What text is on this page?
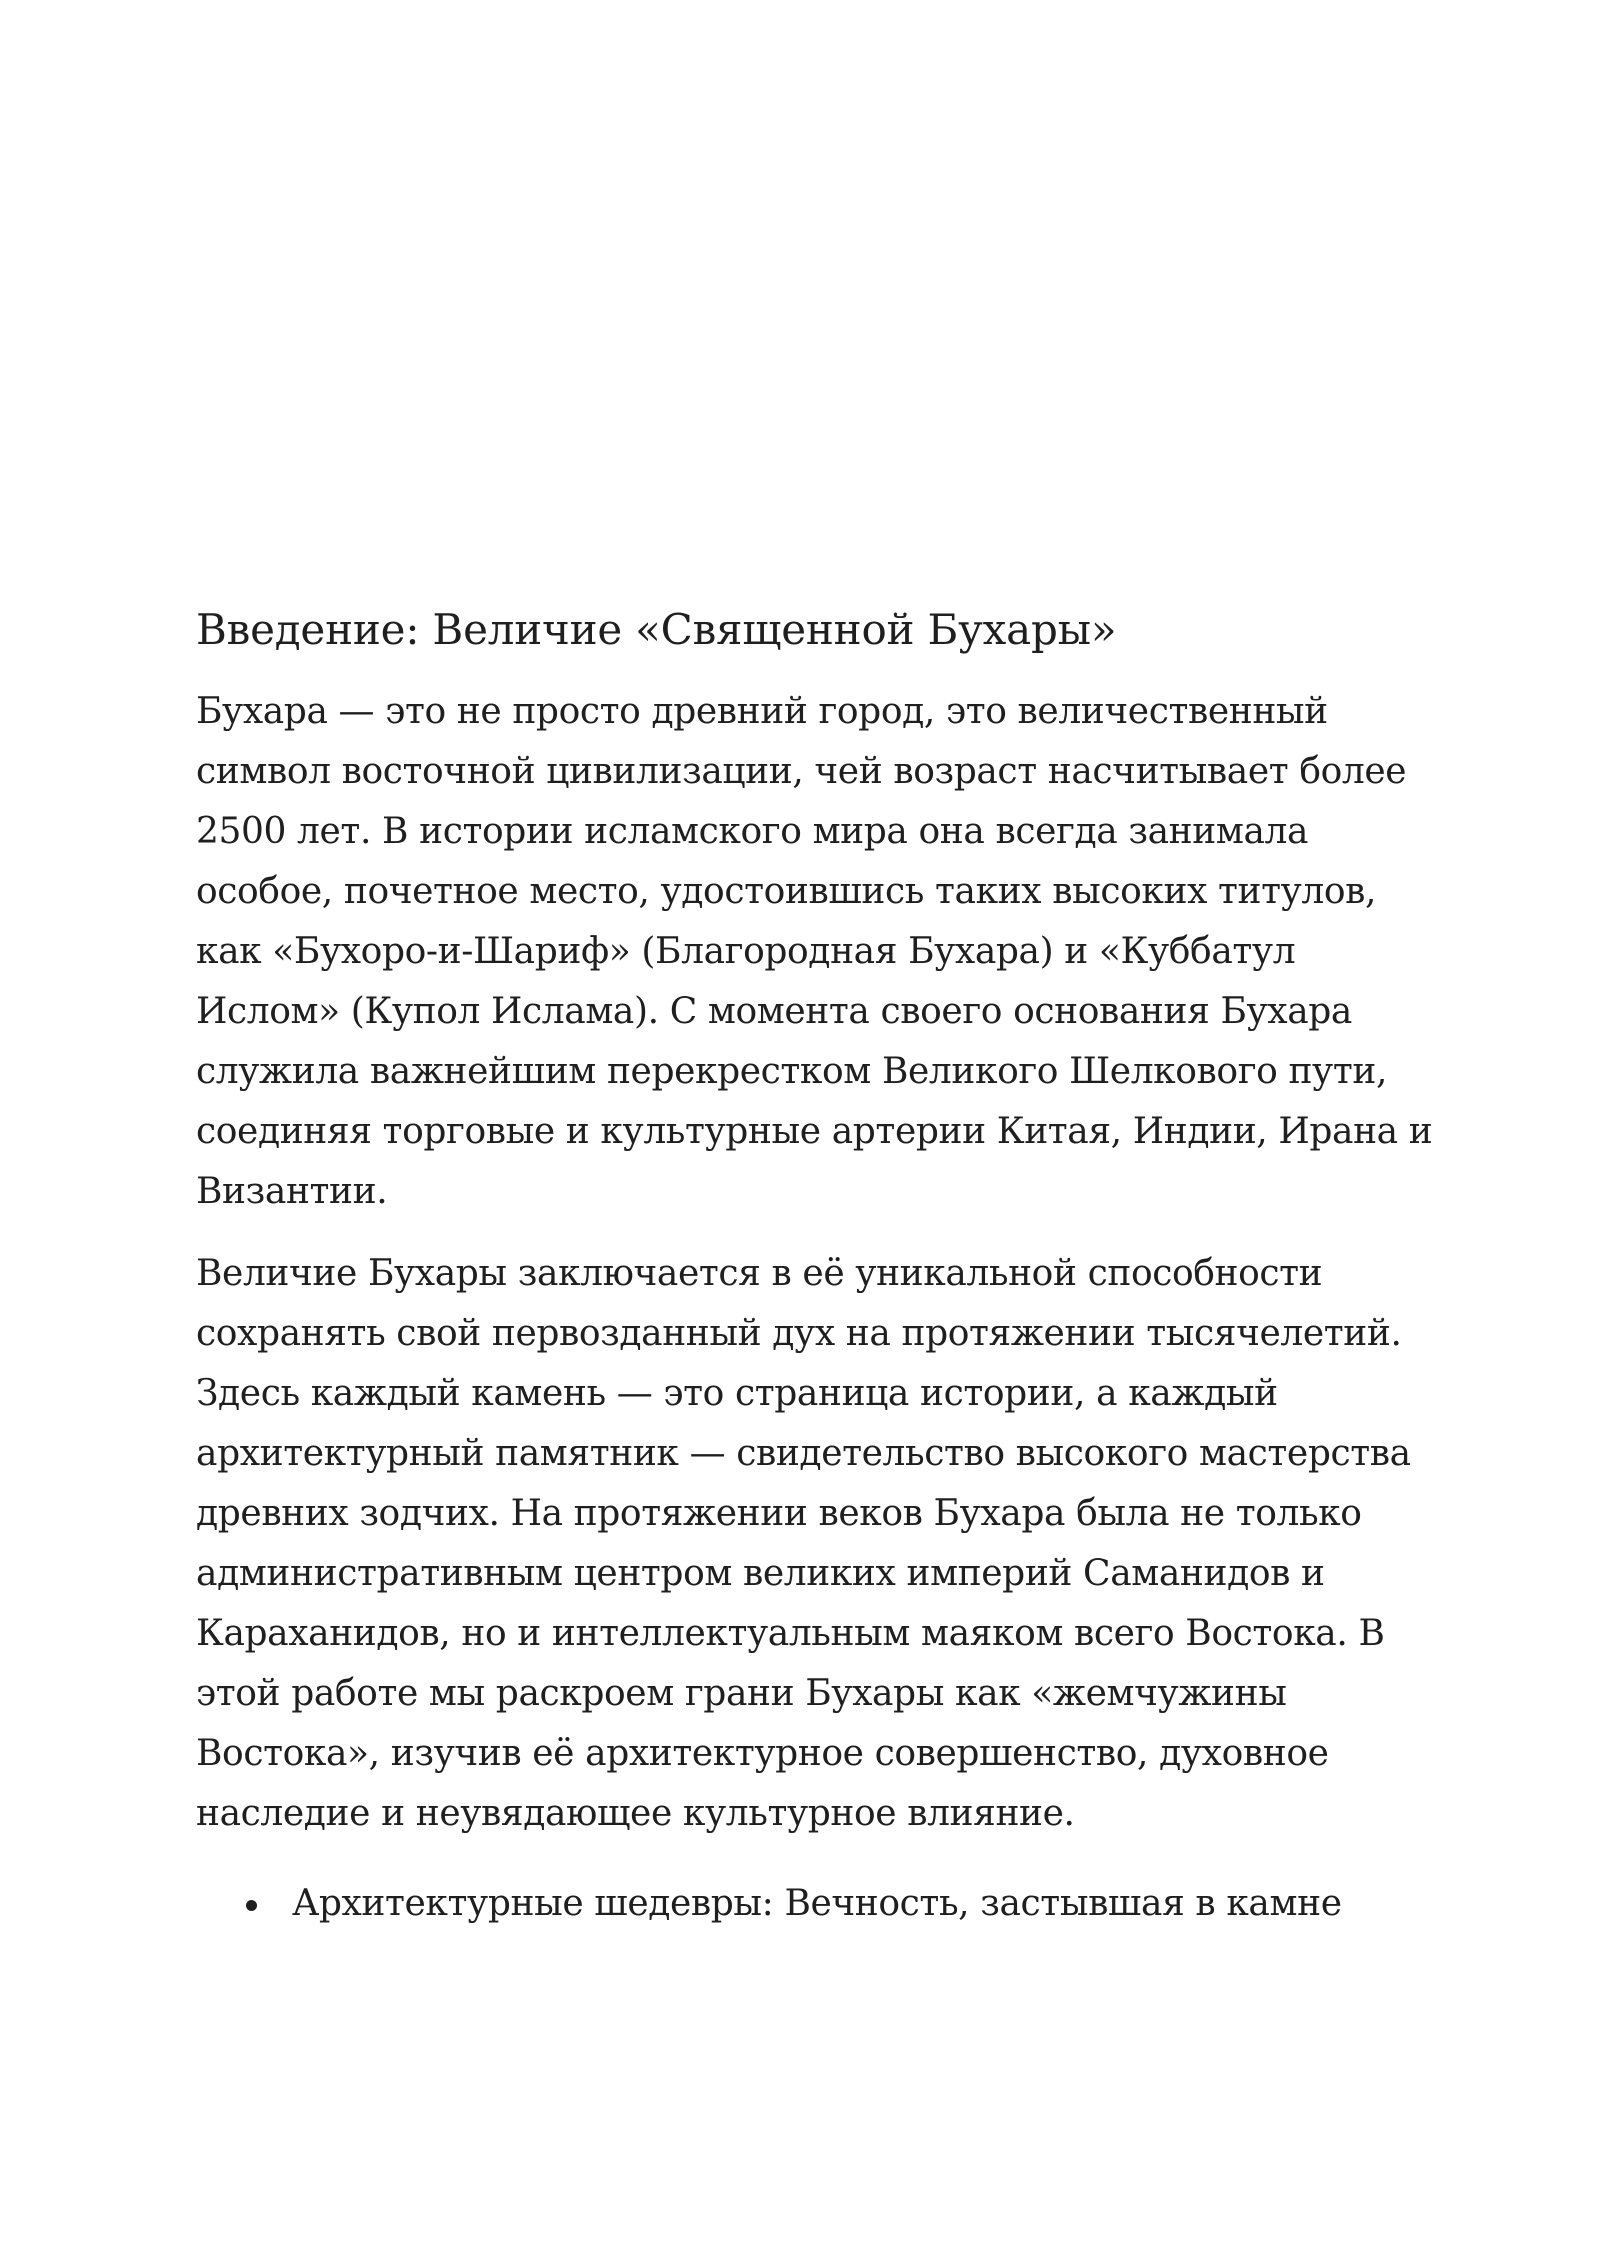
Введение: Величие «Священной Бухары»

Бухара — это не просто древний город, это величественный символ восточной цивилизации, чей возраст насчитывает более 2500 лет. В истории исламского мира она всегда занимала особое, почетное место, удостоившись таких высоких титулов, как «Бухоро-и-Шариф» (Благородная Бухара) и «Куббатул Ислом» (Купол Ислама). С момента своего основания Бухара служила важнейшим перекрестком Великого Шелкового пути, соединяя торговые и культурные артерии Китая, Индии, Ирана и Византии.

Величие Бухары заключается в её уникальной способности сохранять свой первозданный дух на протяжении тысячелетий. Здесь каждый камень — это страница истории, а каждый архитектурный памятник — свидетельство высокого мастерства древних зодчих. На протяжении веков Бухара была не только административным центром великих империй Саманидов и Караханидов, но и интеллектуальным маяком всего Востока. В этой работе мы раскроем грани Бухары как «жемчужины Востока», изучив её архитектурное совершенство, духовное наследие и неувядающее культурное влияние.

Архитектурные шедевры: Вечность, застывшая в камне
